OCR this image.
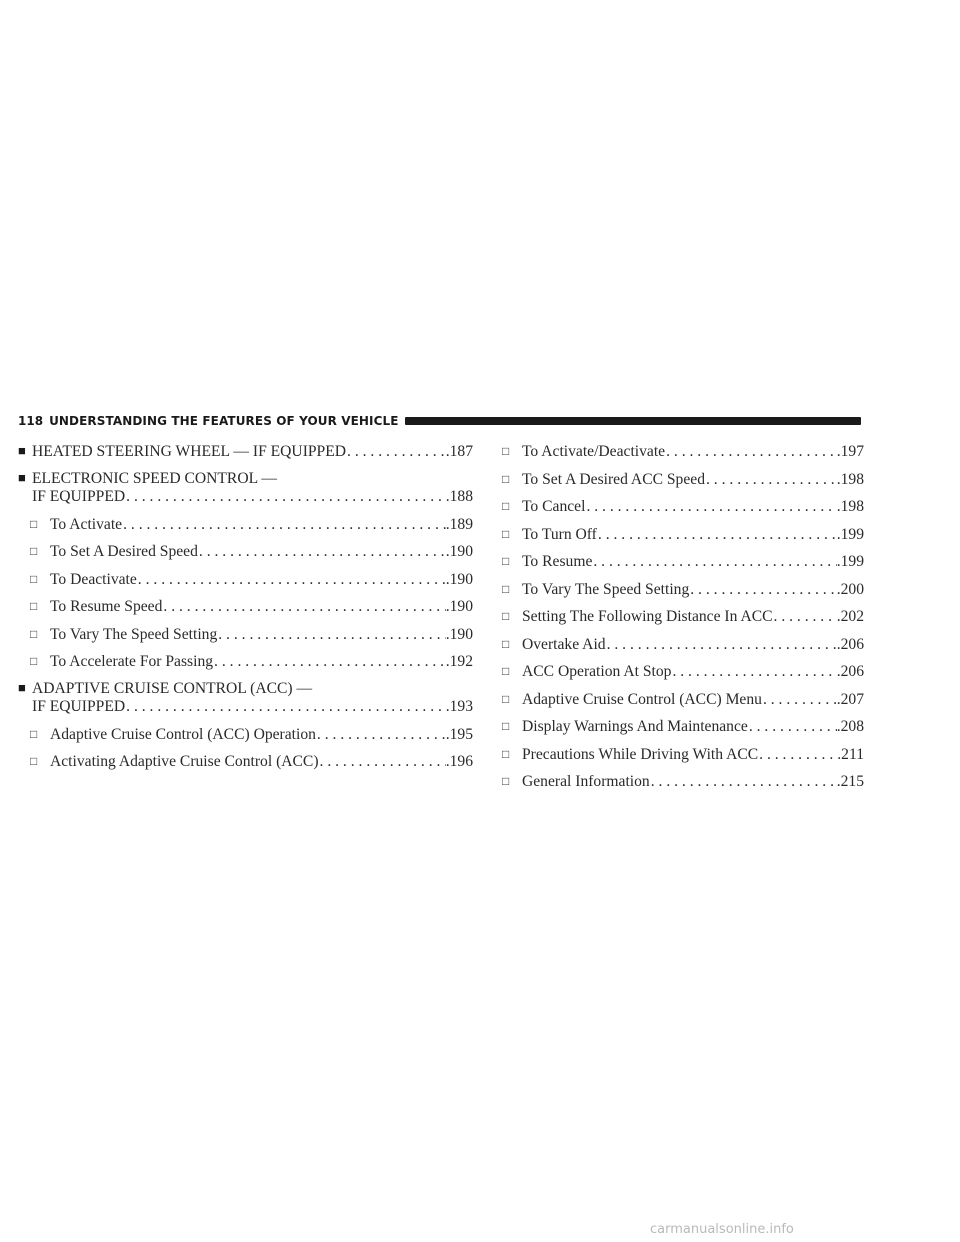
118 UNDERSTANDING THE FEATURES OF YOUR VEHICLE
■ HEATED STEERING WHEEL — IF EQUIPPED . . .	.187
■ ELECTRONIC SPEED CONTROL —
IF EQUIPPED . . .	.188
□ To Activate . . .	.189
□ To Set A Desired Speed . . .	.190
□ To Deactivate . . .	.190
□ To Resume Speed . . .	.190
□ To Vary The Speed Setting . . .	.190
□ To Accelerate For Passing . . .	.192
■ ADAPTIVE CRUISE CONTROL (ACC) —
IF EQUIPPED . . .	.193
□ Adaptive Cruise Control (ACC) Operation . . .	.195
□ Activating Adaptive Cruise Control (ACC) . . .	.196
□ To Activate/Deactivate . . .	.197
□ To Set A Desired ACC Speed . . .	.198
□ To Cancel . . .	.198
□ To Turn Off . . .	.199
□ To Resume . . .	.199
□ To Vary The Speed Setting . . .	.200
□ Setting The Following Distance In ACC . . .	.202
□ Overtake Aid . . .	.206
□ ACC Operation At Stop . . .	.206
□ Adaptive Cruise Control (ACC) Menu . . .	.207
□ Display Warnings And Maintenance . . .	.208
□ Precautions While Driving With ACC . . .	.211
□ General Information . . .	.215
carmanualsonline.info
